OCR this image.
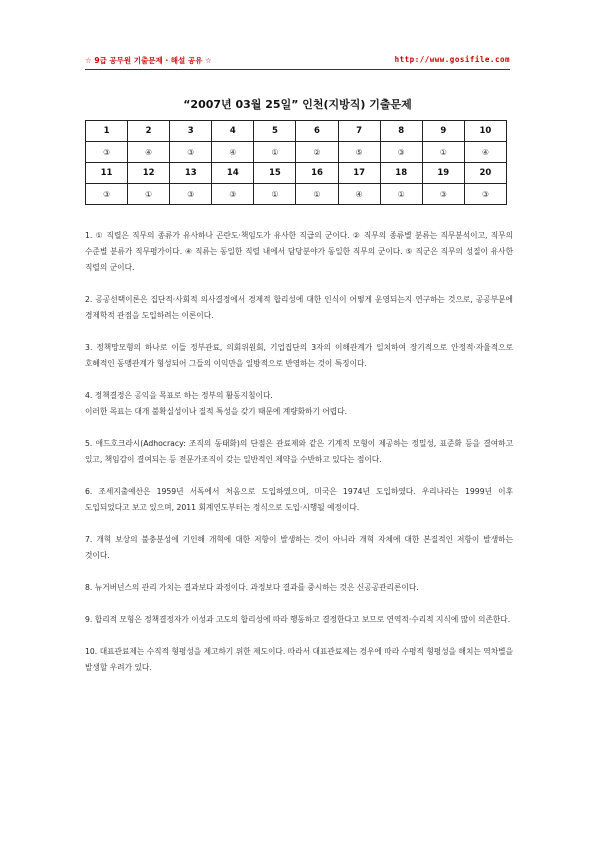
☆ 9급 공무원 기출문제 · 해설 공유 ☆	http://www.gosifile.com
“2007년 03월 25일” 인천(지방직) 기출문제
1	2	3	4	5	6	7	8	9	10
③	④	③	④	①	②	⑤	③	①	④
11	12	13	14	15	16	17	18	19	20
③	①	③	③	①	①	④	①	③	③

1. ① 직렬은 직무의 종류가 유사하나 곤란도·책임도가 유사한 직급의 군이다. ② 직무의 종류별 분류는 직무분석이고, 직무의 수준별 분류가 직무평가이다. ④ 직류는 동일한 직렬 내에서 담당분야가 동일한 직무의 군이다. ⑤ 직군은 직무의 성질이 유사한 직렬의 군이다.

2. 공공선택이론은 집단적·사회적 의사결정에서 경제적 합리성에 대한 인식이 어떻게 운영되는지 연구하는 것으로, 공공부문에 경제학적 관점을 도입하려는 이론이다.

3. 정책망모형의 하나로 이들 정부관료, 의회위원회, 기업집단의 3자의 이해관계가 일치하여 장기적으로 안정적·자율적으로 호혜적인 동맹관계가 형성되어 그들의 이익만을 일방적으로 반영하는 것이 특징이다.

4. 정책결정은 공익을 목표로 하는 정부의 활동지침이다.

이러한 목표는 대개 불확실성이나 질적 특성을 갖기 때문에 계량화하기 어렵다.

5. 애드호크라시(Adhocracy: 조직의 동태화)의 단점은 관료제와 같은 기계적 모형이 제공하는 정밀성, 표준화 등을 결여하고 있고, 책임감이 결여되는 등 전문가조직이 갖는 일반적인 제약을 수반하고 있다는 점이다.

6. 조세지출예산은 1959년 서독에서 처음으로 도입하였으며, 미국은 1974년 도입하였다. 우리나라는 1999년 이후 도입되었다고 보고 있으며, 2011 회계연도부터는 정식으로 도입·시행될 예정이다.

7. 개혁 보상의 불충분성에 기인해 개혁에 대한 저항이 발생하는 것이 아니라 개혁 자체에 대한 본질적인 저항이 발생하는 것이다.

8. 뉴거버넌스의 관리 가치는 결과보다 과정이다. 과정보다 결과를 중시하는 것은 신공공관리론이다.

9. 합리적 모형은 정책결정자가 이성과 고도의 합리성에 따라 행동하고 결정한다고 보므로 연역적·수리적 지식에 많이 의존한다.

10. 대표관료제는 수직적 형평성을 제고하기 위한 제도이다. 따라서 대표관료제는 경우에 따라 수평적 형평성을 해치는 역차별을 발생할 우려가 있다.
